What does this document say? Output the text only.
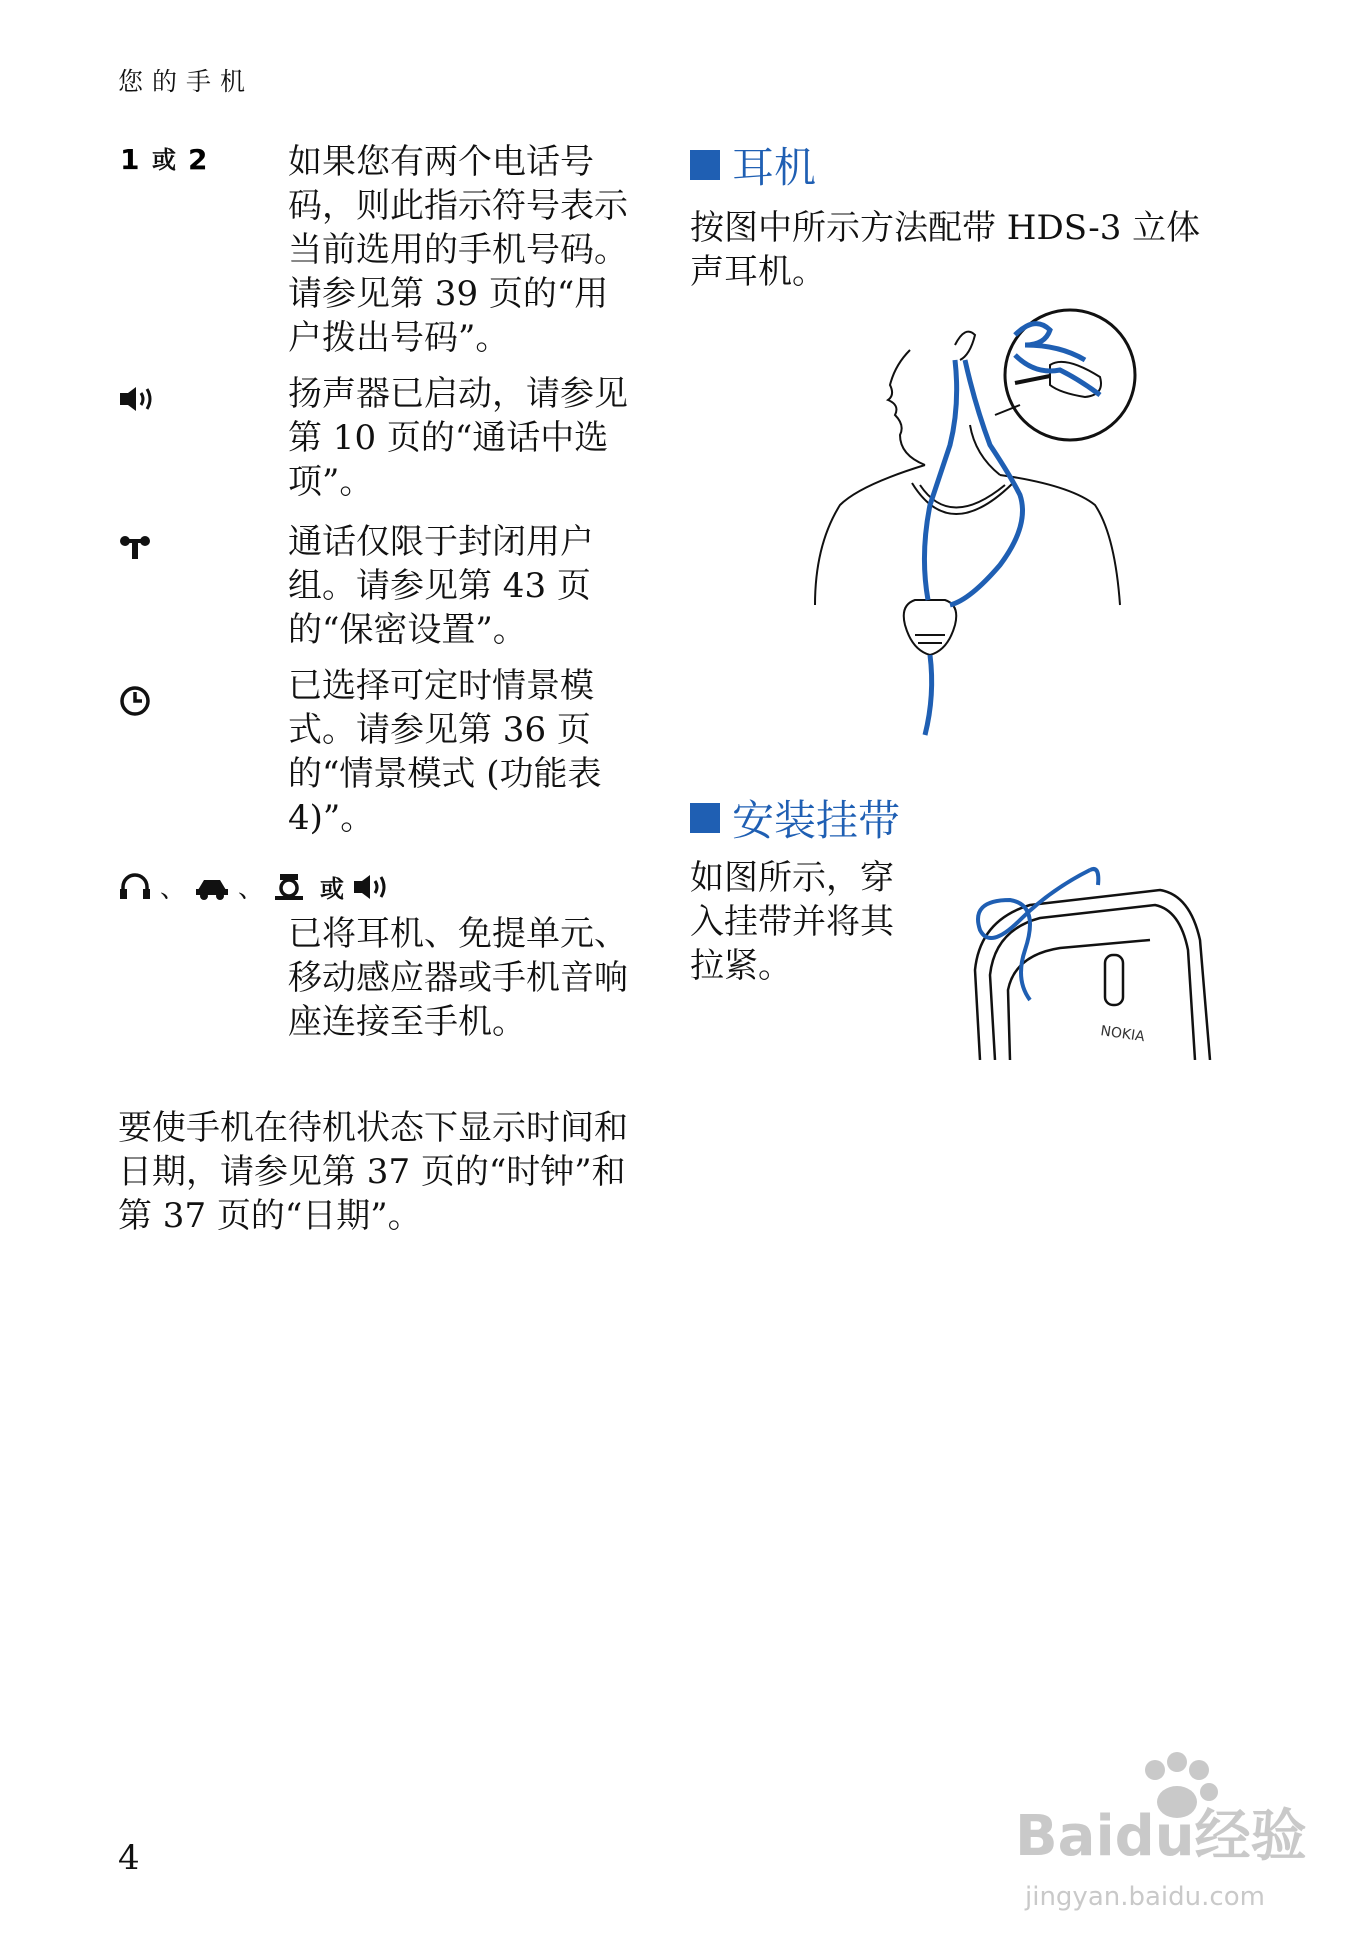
您的手机
1 或 2 如果您有两个电话号码，则此指示符号表示当前选用的手机号码。请参见第 39 页的“用户拨出号码”。
扬声器已启动，请参见第 10 页的“通话中选项”。
通话仅限于封闭用户组。请参见第 43 页的“保密设置”。
已选择可定时情景模式。请参见第 36 页的“情景模式 (功能表 4)”。
、 、 或
已将耳机、免提单元、移动感应器或手机音响座连接至手机。
要使手机在待机状态下显示时间和日期，请参见第 37 页的“时钟”和第 37 页的“日期”。
耳机
按图中所示方法配带 HDS-3 立体声耳机。
安装挂带
如图所示，穿入挂带并将其拉紧。
NOKIA
Baidu经验
jingyan.baidu.com
4
